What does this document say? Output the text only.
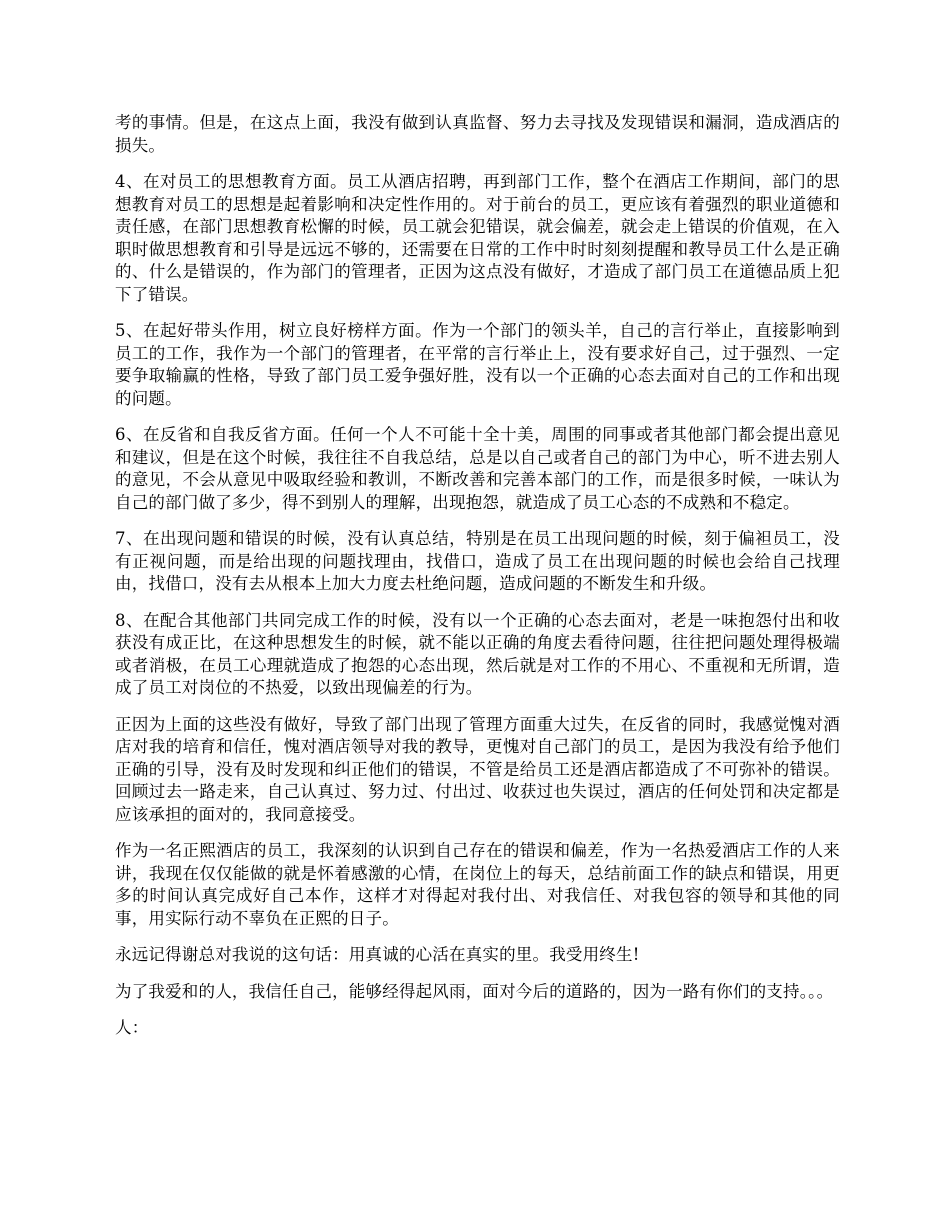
考的事情。但是，在这点上面，我没有做到认真监督、努力去寻找及发现错误和漏洞，造成酒店的损失。

4、在对员工的思想教育方面。员工从酒店招聘，再到部门工作，整个在酒店工作期间，部门的思想教育对员工的思想是起着影响和决定性作用的。对于前台的员工，更应该有着强烈的职业道德和责任感，在部门思想教育松懈的时候，员工就会犯错误，就会偏差，就会走上错误的价值观，在入职时做思想教育和引导是远远不够的，还需要在日常的工作中时时刻刻提醒和教导员工什么是正确的、什么是错误的，作为部门的管理者，正因为这点没有做好，才造成了部门员工在道德品质上犯下了错误。

5、在起好带头作用，树立良好榜样方面。作为一个部门的领头羊，自己的言行举止，直接影响到员工的工作，我作为一个部门的管理者，在平常的言行举止上，没有要求好自己，过于强烈、一定要争取输赢的性格，导致了部门员工爱争强好胜，没有以一个正确的心态去面对自己的工作和出现的问题。

6、在反省和自我反省方面。任何一个人不可能十全十美，周围的同事或者其他部门都会提出意见和建议，但是在这个时候，我往往不自我总结，总是以自己或者自己的部门为中心，听不进去别人的意见，不会从意见中吸取经验和教训，不断改善和完善本部门的工作，而是很多时候，一味认为自己的部门做了多少，得不到别人的理解，出现抱怨，就造成了员工心态的不成熟和不稳定。

7、在出现问题和错误的时候，没有认真总结，特别是在员工出现问题的时候，刻于偏袒员工，没有正视问题，而是给出现的问题找理由，找借口，造成了员工在出现问题的时候也会给自己找理由，找借口，没有去从根本上加大力度去杜绝问题，造成问题的不断发生和升级。

8、在配合其他部门共同完成工作的时候，没有以一个正确的心态去面对，老是一味抱怨付出和收获没有成正比，在这种思想发生的时候，就不能以正确的角度去看待问题，往往把问题处理得极端或者消极，在员工心理就造成了抱怨的心态出现，然后就是对工作的不用心、不重视和无所谓，造成了员工对岗位的不热爱，以致出现偏差的行为。

正因为上面的这些没有做好，导致了部门出现了管理方面重大过失，在反省的同时，我感觉愧对酒店对我的培育和信任，愧对酒店领导对我的教导，更愧对自己部门的员工，是因为我没有给予他们正确的引导，没有及时发现和纠正他们的错误，不管是给员工还是酒店都造成了不可弥补的错误。回顾过去一路走来，自己认真过、努力过、付出过、收获过也失误过，酒店的任何处罚和决定都是应该承担的面对的，我同意接受。

作为一名正熙酒店的员工，我深刻的认识到自己存在的错误和偏差，作为一名热爱酒店工作的人来讲，我现在仅仅能做的就是怀着感激的心情，在岗位上的每天，总结前面工作的缺点和错误，用更多的时间认真完成好自己本作，这样才对得起对我付出、对我信任、对我包容的领导和其他的同事，用实际行动不辜负在正熙的日子。

永远记得谢总对我说的这句话：用真诚的心活在真实的里。我受用终生!

为了我爱和的人，我信任自己，能够经得起风雨，面对今后的道路的，因为一路有你们的支持。。。

人：
